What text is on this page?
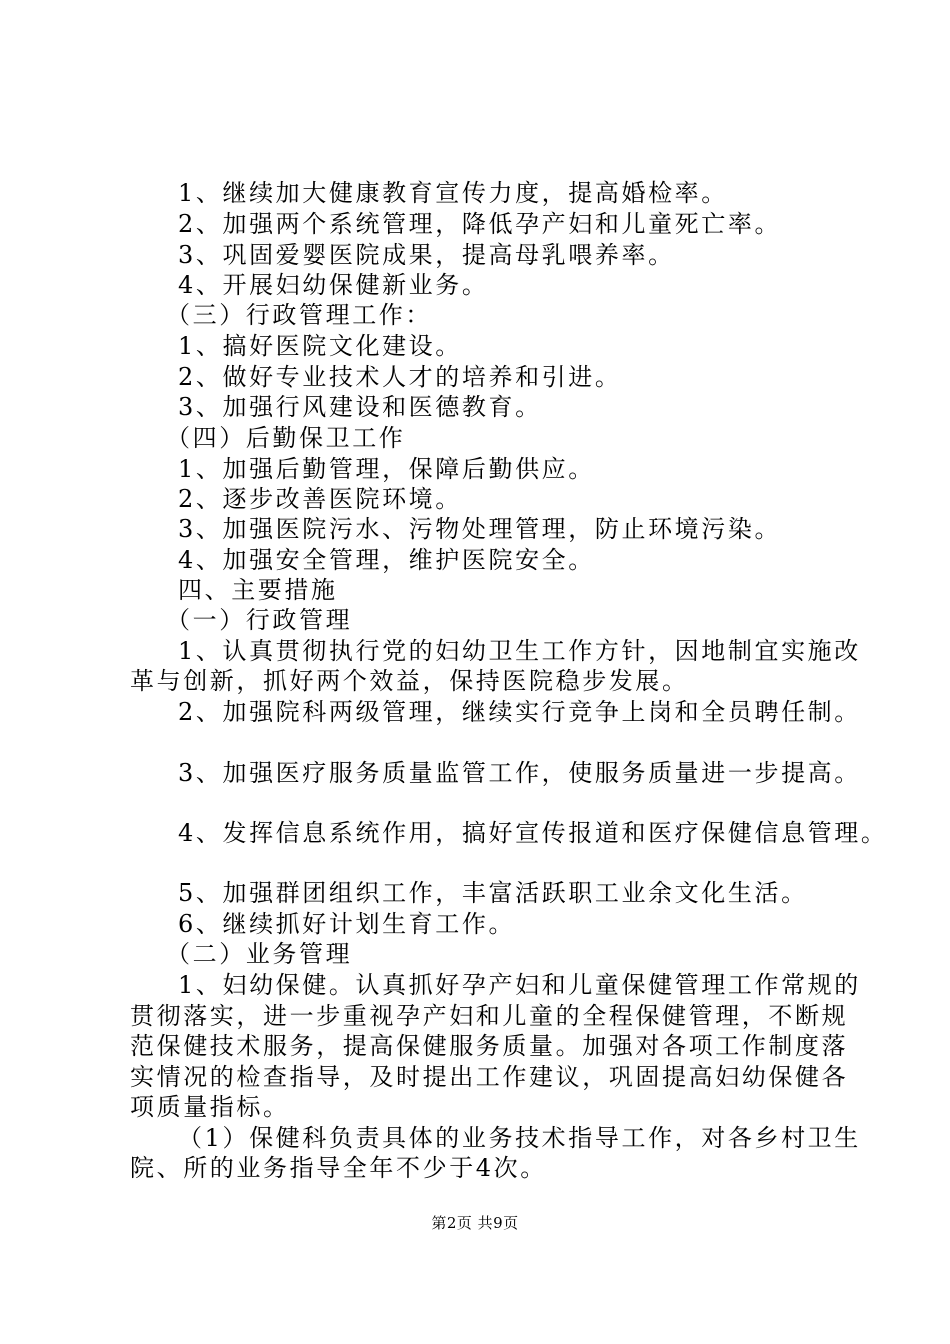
1、继续加大健康教育宣传力度，提高婚检率。
2、加强两个系统管理，降低孕产妇和儿童死亡率。
3、巩固爱婴医院成果，提高母乳喂养率。
4、开展妇幼保健新业务。
（三）行政管理工作：
1、搞好医院文化建设。
2、做好专业技术人才的培养和引进。
3、加强行风建设和医德教育。
（四）后勤保卫工作
1、加强后勤管理，保障后勤供应。
2、逐步改善医院环境。
3、加强医院污水、污物处理管理，防止环境污染。
4、加强安全管理，维护医院安全。
四、主要措施
（一）行政管理
1、认真贯彻执行党的妇幼卫生工作方针，因地制宜实施改
革与创新，抓好两个效益，保持医院稳步发展。
2、加强院科两级管理，继续实行竞争上岗和全员聘任制。
3、加强医疗服务质量监管工作，使服务质量进一步提高。
4、发挥信息系统作用，搞好宣传报道和医疗保健信息管理。
5、加强群团组织工作，丰富活跃职工业余文化生活。
6、继续抓好计划生育工作。
（二）业务管理
1、妇幼保健。认真抓好孕产妇和儿童保健管理工作常规的
贯彻落实，进一步重视孕产妇和儿童的全程保健管理，不断规
范保健技术服务，提高保健服务质量。加强对各项工作制度落
实情况的检查指导，及时提出工作建议，巩固提高妇幼保健各
项质量指标。
（1）保健科负责具体的业务技术指导工作，对各乡村卫生
院、所的业务指导全年不少于4次。
第2页 共9页
